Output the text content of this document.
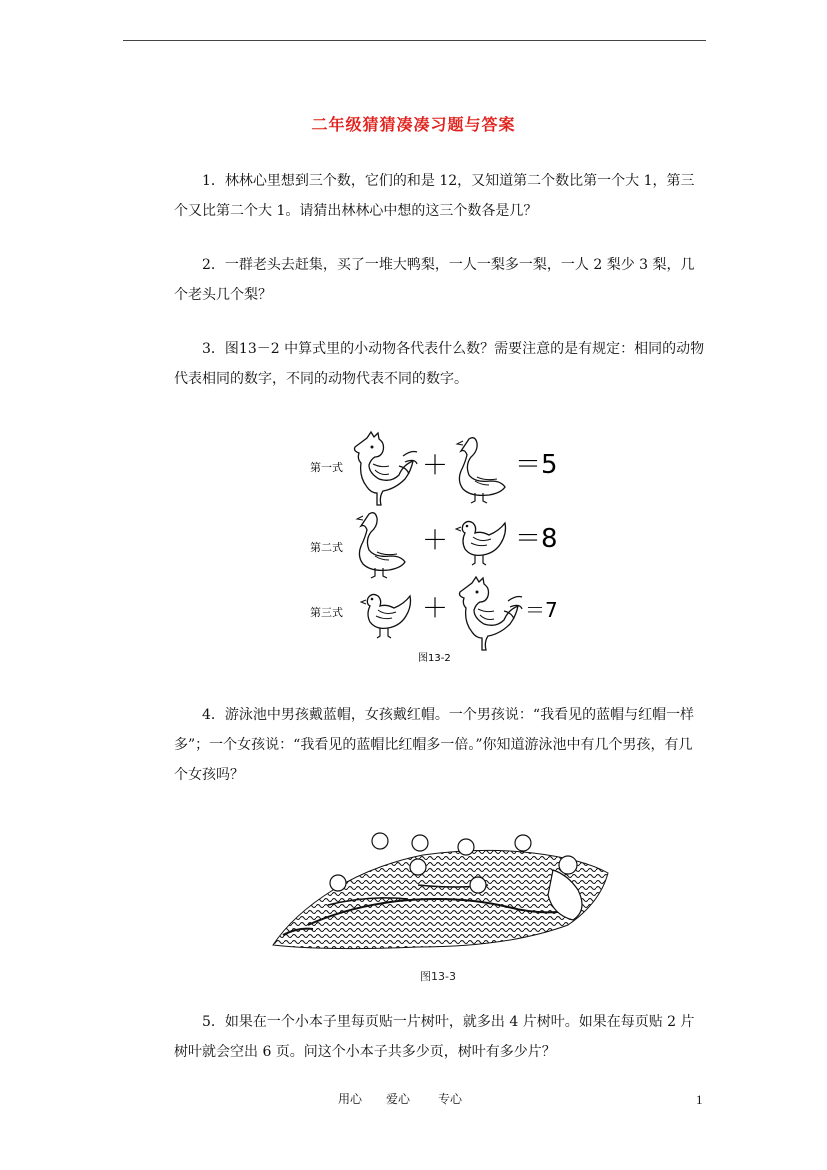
二年级猜猜凑凑习题与答案

1．林林心里想到三个数，它们的和是 12，又知道第二个数比第一个大 1，第三个又比第二个大 1。请猜出林林心中想的这三个数各是几？

2．一群老头去赶集，买了一堆大鸭梨，一人一梨多一梨，一人 2 梨少 3 梨，几个老头几个梨？

3．图13－2 中算式里的小动物各代表什么数？需要注意的是有规定：相同的动物代表相同的数字，不同的动物代表不同的数字。

第一式	＋	＝5
第二式	＋	＝8
第三式	＋	＝7
图13-2

4．游泳池中男孩戴蓝帽，女孩戴红帽。一个男孩说：“我看见的蓝帽与红帽一样多”；一个女孩说：“我看见的蓝帽比红帽多一倍。”你知道游泳池中有几个男孩，有几个女孩吗？

图13-3

5．如果在一个小本子里每页贴一片树叶，就多出 4 片树叶。如果在每页贴 2 片树叶就会空出 6 页。问这个小本子共多少页，树叶有多少片？

用心 爱心 专心	1
